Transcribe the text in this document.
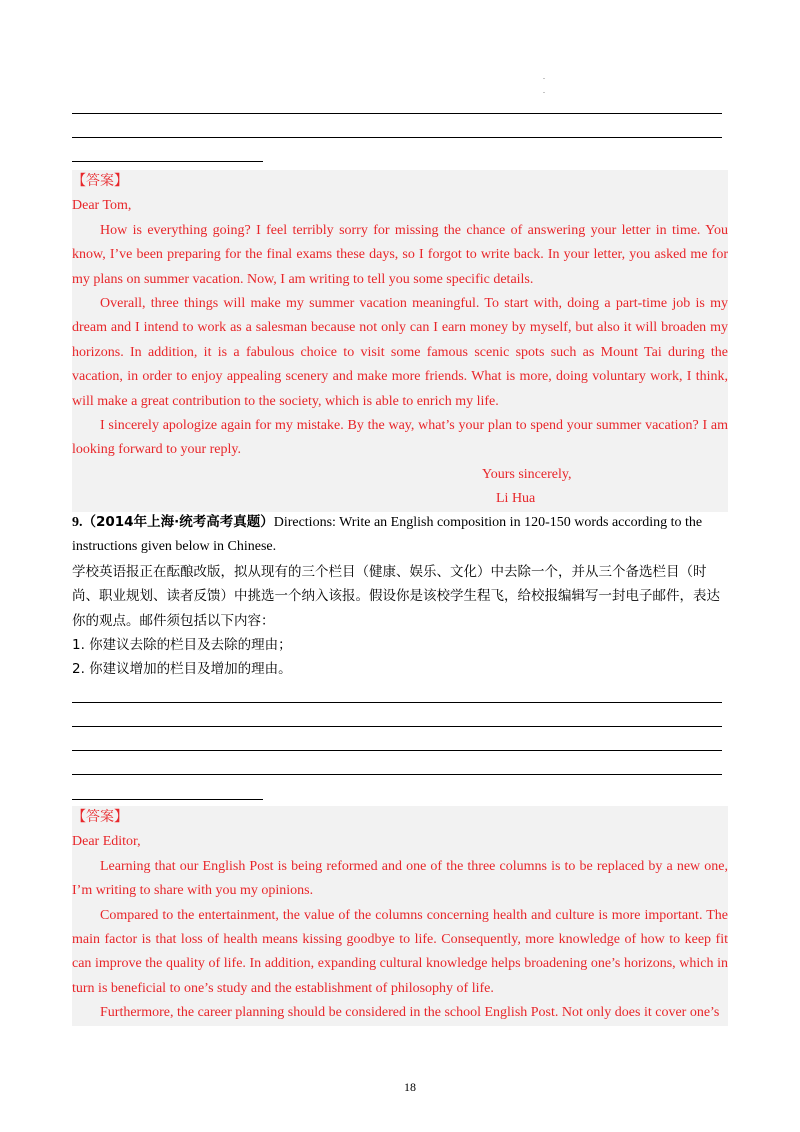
.
.

【答案】

Dear Tom,

How is everything going? I feel terribly sorry for missing the chance of answering your letter in time. You know, I’ve been preparing for the final exams these days, so I forgot to write back. In your letter, you asked me for my plans on summer vacation. Now, I am writing to tell you some specific details.

Overall, three things will make my summer vacation meaningful. To start with, doing a part-time job is my dream and I intend to work as a salesman because not only can I earn money by myself, but also it will broaden my horizons. In addition, it is a fabulous choice to visit some famous scenic spots such as Mount Tai during the vacation, in order to enjoy appealing scenery and make more friends. What is more, doing voluntary work, I think, will make a great contribution to the society, which is able to enrich my life.

I sincerely apologize again for my mistake. By the way, what’s your plan to spend your summer vacation? I am looking forward to your reply.

Yours sincerely,

Li Hua

9.（2014年上海·统考高考真题）Directions: Write an English composition in 120-150 words according to the instructions given below in Chinese.

学校英语报正在酝酿改版，拟从现有的三个栏目（健康、娱乐、文化）中去除一个，并从三个备选栏目（时尚、职业规划、读者反馈）中挑选一个纳入该报。假设你是该校学生程飞，给校报编辑写一封电子邮件，表达你的观点。邮件须包括以下内容：

1. 你建议去除的栏目及去除的理由；

2. 你建议增加的栏目及增加的理由。

【答案】

Dear Editor,

Learning that our English Post is being reformed and one of the three columns is to be replaced by a new one, I’m writing to share with you my opinions.

Compared to the entertainment, the value of the columns concerning health and culture is more important. The main factor is that loss of health means kissing goodbye to life. Consequently, more knowledge of how to keep fit can improve the quality of life. In addition, expanding cultural knowledge helps broadening one’s horizons, which in turn is beneficial to one’s study and the establishment of philosophy of life.

Furthermore, the career planning should be considered in the school English Post. Not only does it cover one’s

18
